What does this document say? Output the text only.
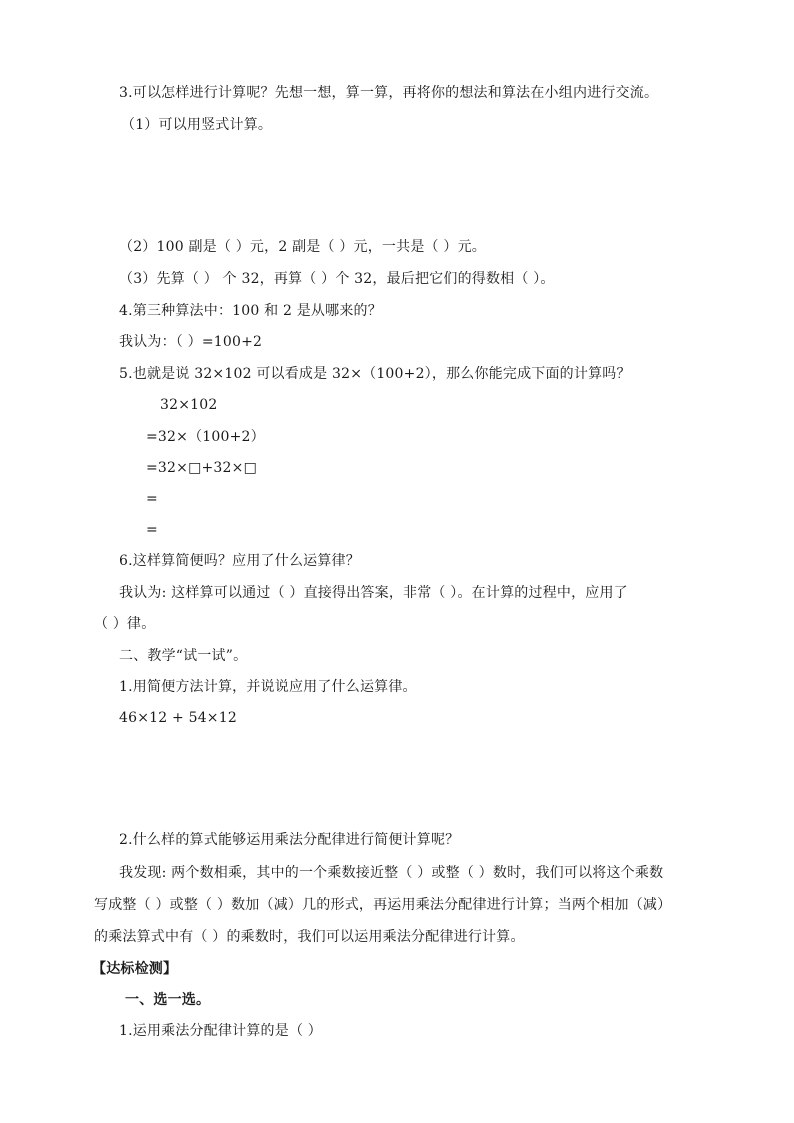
3.可以怎样进行计算呢？先想一想，算一算，再将你的想法和算法在小组内进行交流。
（1）可以用竖式计算。
（2）100 副是（ ）元，2 副是（ ）元，一共是（ ）元。
（3）先算（ ） 个 32，再算（ ）个 32，最后把它们的得数相（ ）。
4.第三种算法中：100 和 2 是从哪来的？
我认为：（ ）=100+2
5.也就是说 32×102 可以看成是 32×（100+2），那么你能完成下面的计算吗？
32×102
=32×（100+2）
=32×□+32×□
=
=
6.这样算简便吗？应用了什么运算律？
我认为: 这样算可以通过（ ）直接得出答案，非常（ ）。在计算的过程中，应用了
（ ）律。
二、教学“试一试”。
1.用简便方法计算，并说说应用了什么运算律。
46×12 + 54×12
2.什么样的算式能够运用乘法分配律进行简便计算呢？
我发现: 两个数相乘，其中的一个乘数接近整（ ）或整（ ）数时，我们可以将这个乘数
写成整（ ）或整（ ）数加（减）几的形式，再运用乘法分配律进行计算；当两个相加（减）
的乘法算式中有（ ）的乘数时，我们可以运用乘法分配律进行计算。
【达标检测】
一、选一选。
1.运用乘法分配律计算的是（ ）
